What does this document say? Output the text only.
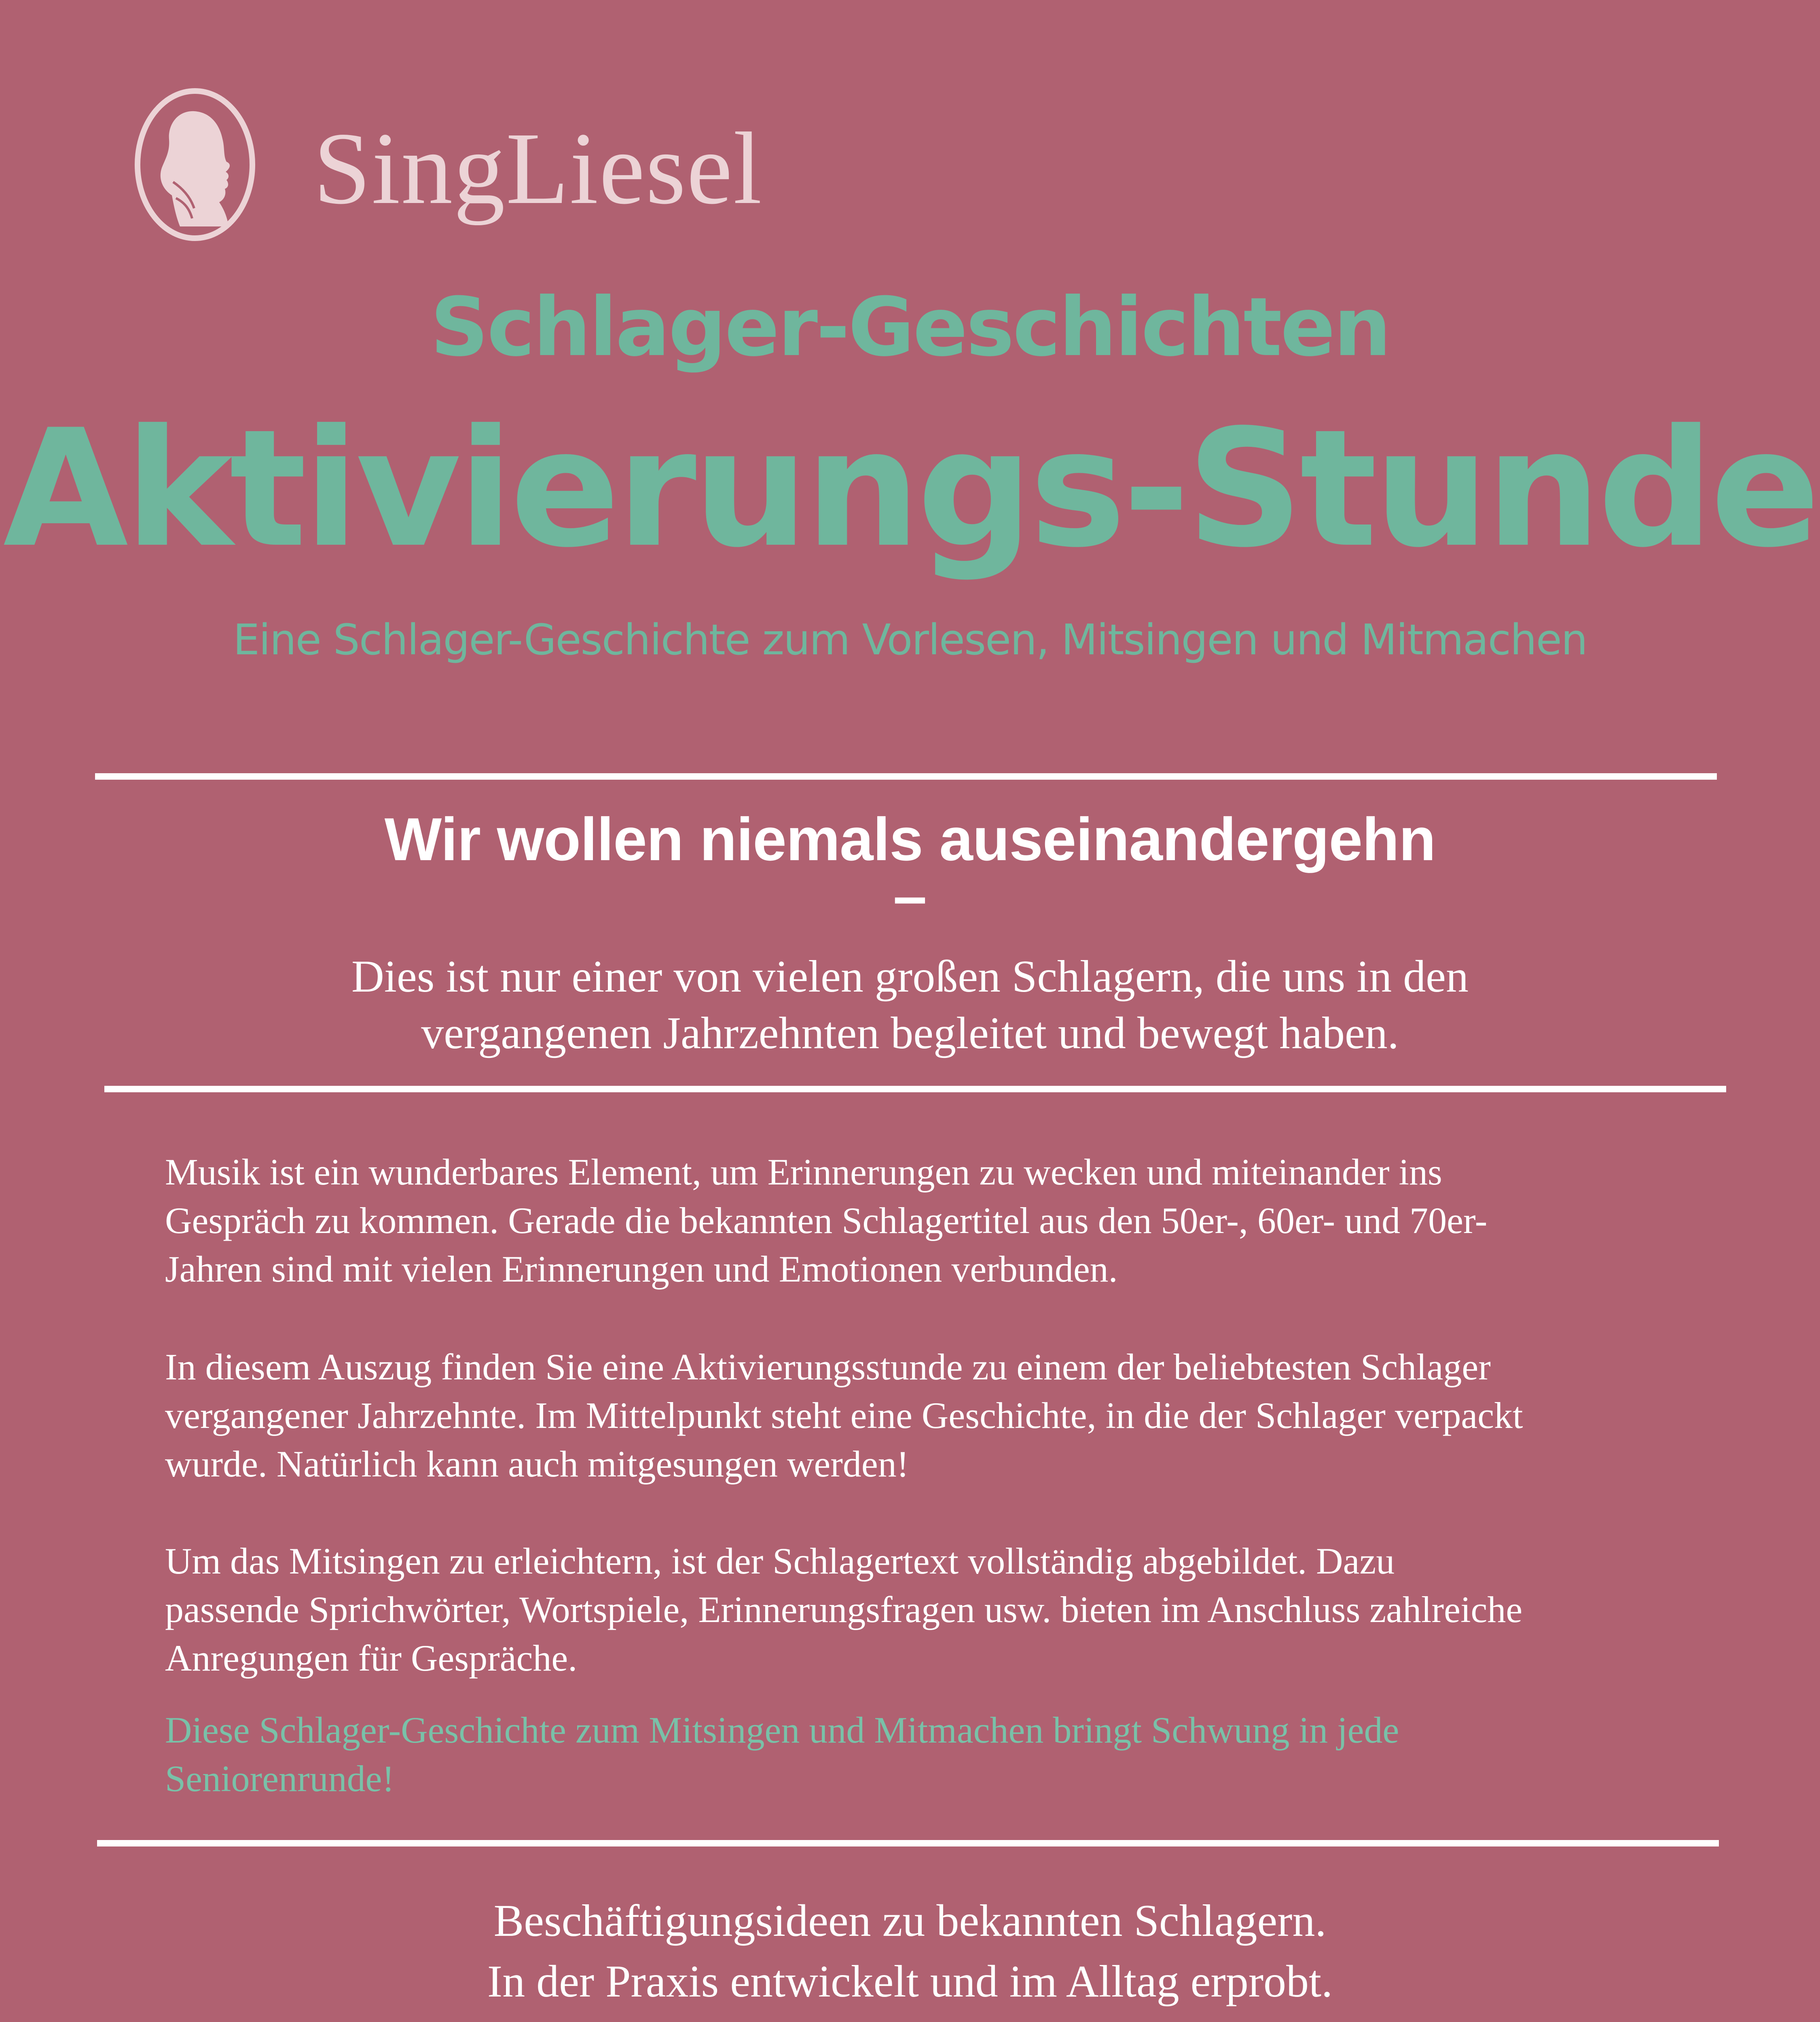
SingLiesel
Schlager-Geschichten
Aktivierungs-Stunde
Eine Schlager-Geschichte zum Vorlesen, Mitsingen und Mitmachen
Wir wollen niemals auseinandergehn
–
Dies ist nur einer von vielen großen Schlagern, die uns in den
vergangenen Jahrzehnten begleitet und bewegt haben.
Musik ist ein wunderbares Element, um Erinnerungen zu wecken und miteinander ins
Gespräch zu kommen. Gerade die bekannten Schlagertitel aus den 50er-, 60er- und 70er-
Jahren sind mit vielen Erinnerungen und Emotionen verbunden.
In diesem Auszug finden Sie eine Aktivierungsstunde zu einem der beliebtesten Schlager
vergangener Jahrzehnte. Im Mittelpunkt steht eine Geschichte, in die der Schlager verpackt
wurde. Natürlich kann auch mitgesungen werden!
Um das Mitsingen zu erleichtern, ist der Schlagertext vollständig abgebildet. Dazu
passende Sprichwörter, Wortspiele, Erinnerungsfragen usw. bieten im Anschluss zahlreiche
Anregungen für Gespräche.
Diese Schlager-Geschichte zum Mitsingen und Mitmachen bringt Schwung in jede
Seniorenrunde!
Beschäftigungsideen zu bekannten Schlagern.
In der Praxis entwickelt und im Alltag erprobt.
